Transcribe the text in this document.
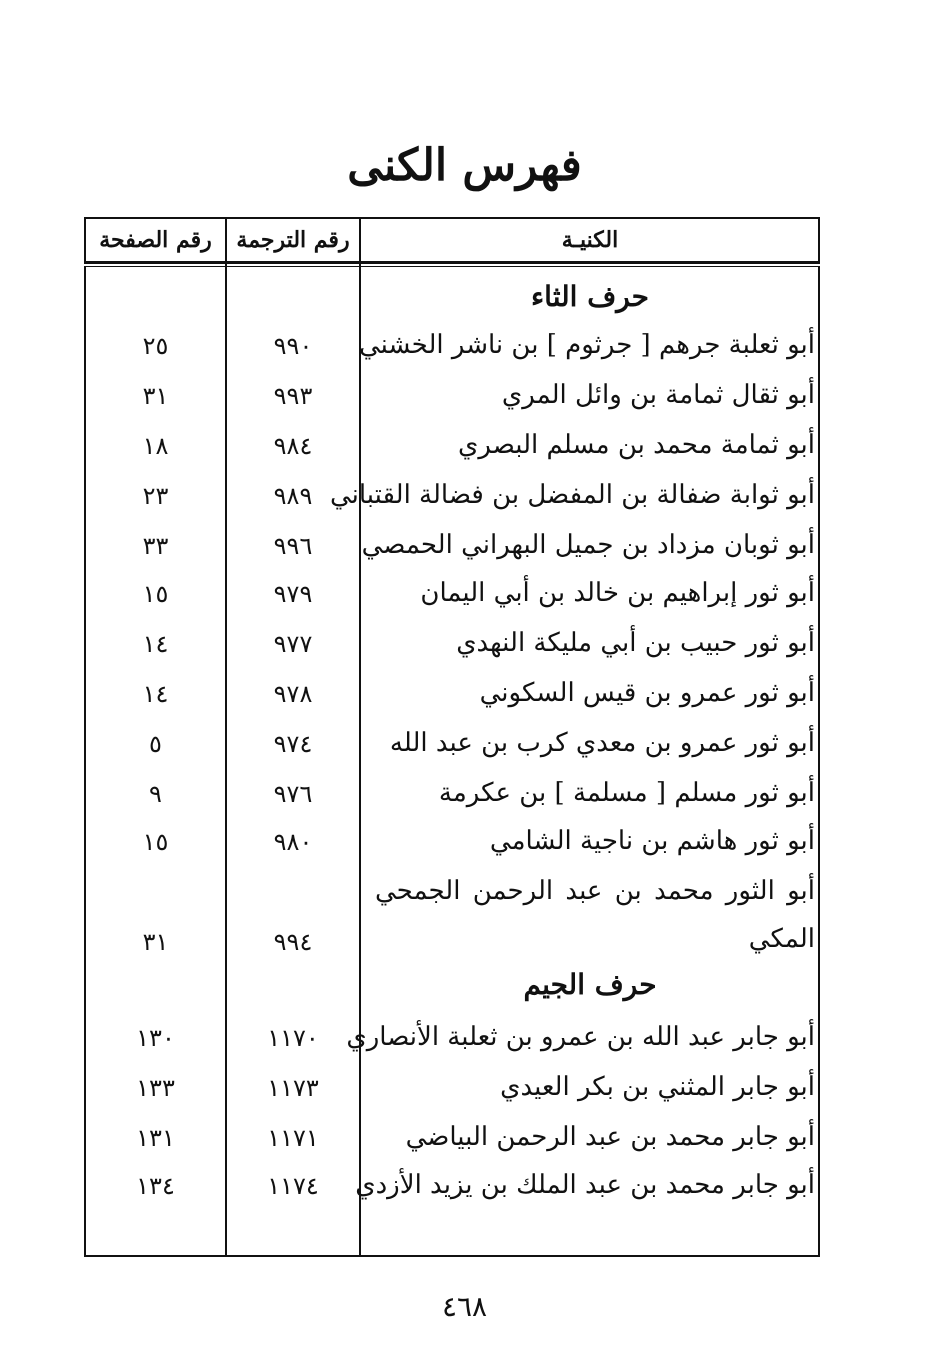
فهرس الكنى
الكنيـة
رقم الترجمة
رقم الصفحة
حرف الثاء
أبو ثعلبة جرهم [ جرثوم ] بن ناشر الخشني
٩٩٠
٢٥
أبو ثقال ثمامة بن وائل المري
٩٩٣
٣١
أبو ثمامة محمد بن مسلم البصري
٩٨٤
١٨
أبو ثوابة ضفالة بن المفضل بن فضالة القتباني
٩٨٩
٢٣
أبو ثوبان مزداد بن جميل البهراني الحمصي
٩٩٦
٣٣
أبو ثور إبراهيم بن خالد بن أبي اليمان
٩٧٩
١٥
أبو ثور حبيب بن أبي مليكة النهدي
٩٧٧
١٤
أبو ثور عمرو بن قيس السكوني
٩٧٨
١٤
أبو ثور عمرو بن معدي كرب بن عبد الله
٩٧٤
٥
أبو ثور مسلم [ مسلمة ] بن عكرمة
٩٧٦
٩
أبو ثور هاشم بن ناجية الشامي
٩٨٠
١٥
أبو الثور محمد بن عبد الرحمن الجمحي
المكي
٩٩٤
٣١
حرف الجيم
أبو جابر عبد الله بن عمرو بن ثعلبة الأنصاري
١١٧٠
١٣٠
أبو جابر المثني بن بكر العيدي
١١٧٣
١٣٣
أبو جابر محمد بن عبد الرحمن البياضي
١١٧١
١٣١
أبو جابر محمد بن عبد الملك بن يزيد الأزدي
١١٧٤
١٣٤
٤٦٨
